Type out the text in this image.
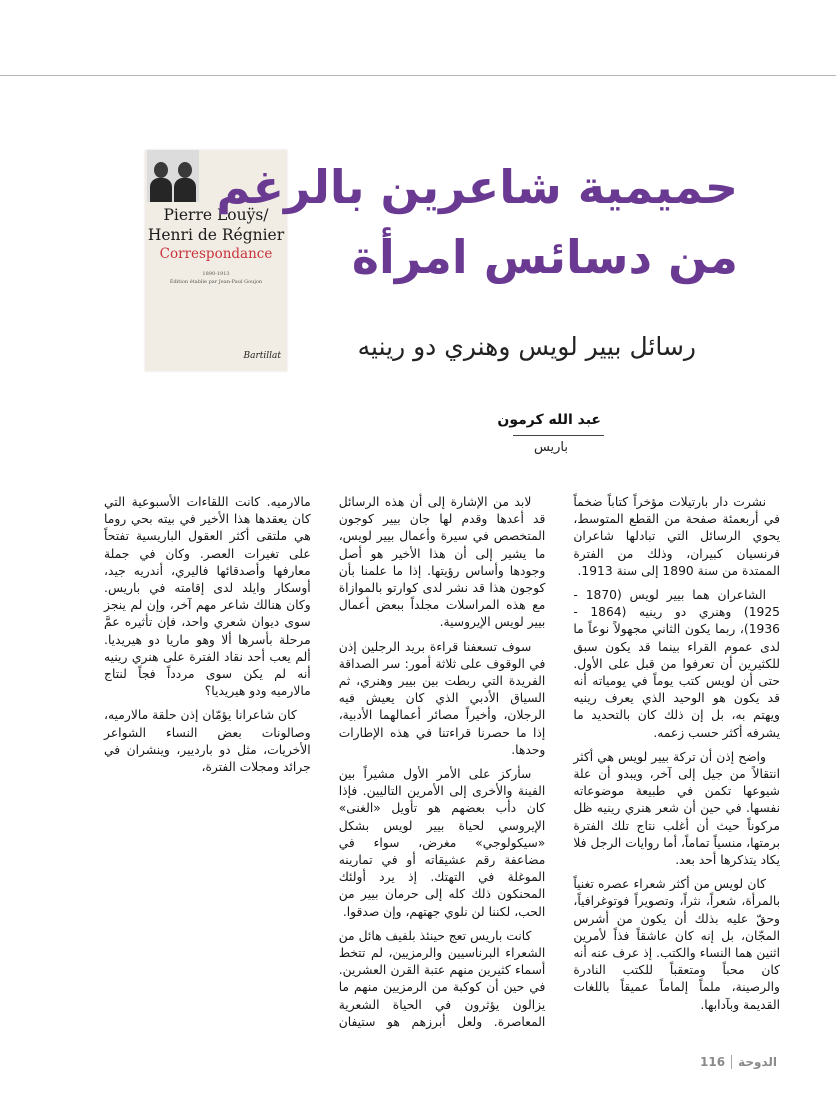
Pierre Louÿs/
Henri de Régnier
Correspondance
1890-1913
Édition établie par Jean-Paul Goujon
Bartillat
حميمية شاعرين بالرغم
من دسائس امرأة
رسائل بيير لويس وهنري دو رينيه
عبد الله كرمون
باريس

نشرت دار بارتيلات مؤخراً كتاباً ضخماً في أربعمئة صفحة من القطع المتوسط، يحوي الرسائل التي تبادلها شاعران فرنسيان كبيران، وذلك من الفترة الممتدة من سنة 1890 إلى سنة 1913.

الشاعران هما بيير لويس (1870 - 1925) وهنري دو رينيه (1864 - 1936)، ربما يكون الثاني مجهولاً نوعاً ما لدى عموم القراء بينما قد يكون سبق للكثيرين أن تعرفوا من قبل على الأول. حتى أن لويس كتب يوماً في يومياته أنه قد يكون هو الوحيد الذي يعرف رينيه ويهتم به، بل إن ذلك كان بالتحديد ما يشرفه أكثر حسب زعمه.

واضح إذن أن تركة بيير لويس هي أكثر انتقالاً من جيل إلى آخر، ويبدو أن علة شيوعها تكمن في طبيعة موضوعاته نفسها. في حين أن شعر هنري رينيه ظل مركوناً حيث أن أغلب نتاج تلك الفترة برمتها، منسياً تماماً، أما روايات الرجل فلا يكاد يتذكرها أحد بعد.

كان لويس من أكثر شعراء عصره تغنياً بالمرأة، شعراً، نثراً، وتصويراً فوتوغرافياً، وحقّ عليه بذلك أن يكون من أشرس المجّان، بل إنه كان عاشقاً فذاً لأمرين اثنين هما النساء والكتب. إذ عرف عنه أنه كان محباً ومتعقباً للكتب النادرة والرصينة، ملماً إلماماً عميقاً باللغات القديمة وبآدابها.

لابد من الإشارة إلى أن هذه الرسائل قد أعدها وقدم لها جان بيير كوجون المتخصص في سيرة وأعمال بيير لويس، ما يشير إلى أن هذا الأخير هو أصل وجودها وأساس رؤيتها. إذا ما علمنا بأن كوجون هذا قد نشر لدى كوارتو بالموازاة مع هذه المراسلات مجلداً ببعض أعمال بيير لويس الإيروسية.

سوف تسعفنا قراءة بريد الرجلين إذن في الوقوف على ثلاثة أمور: سر الصداقة الفريدة التي ربطت بين بيير وهنري، ثم السياق الأدبي الذي كان يعيش فيه الرجلان، وأخيراً مصائر أعمالهما الأدبية، إذا ما حصرنا قراءتنا في هذه الإطارات وحدها.

سأركز على الأمر الأول مشيراً بين الفينة والأخرى إلى الأمرين التاليين. فإذا كان دأب بعضهم هو تأويل «الغنى» الإيروسي لحياة بيير لويس بشكل «سيكولوجي» مغرض، سواء في مضاعفة رقم عشيقاته أو في تمارينه الموغلة في التهتك. إذ يرد أولئك المحنكون ذلك كله إلى حرمان بيير من الحب، لكننا لن نلوي جهتهم، وإن صدقوا.

كانت باريس تعج حينئذ بلفيف هائل من الشعراء البرناسيين والرمزيين، لم تتخط أسماء كثيرين منهم عتبة القرن العشرين. في حين أن كوكبة من الرمزيين منهم ما يزالون يؤثرون في الحياة الشعرية المعاصرة. ولعل أبرزهم هو ستيفان مالارميه. كانت اللقاءات الأسبوعية التي كان يعقدها هذا الأخير في بيته بحي روما هي ملتقى أكثر العقول الباريسية تفتحاً على تغيرات العصر. وكان في جملة معارفها وأصدقائها فاليري، أندريه جيد، أوسكار وايلد لدى إقامته في باريس. وكان هنالك شاعر مهم آخر، وإن لم ينجز سوى ديوان شعري واحد، فإن تأثيره عمَّ مرحلة بأسرها ألا وهو ماريا دو هيريديا. ألم يعب أحد نقاد الفترة على هنري رينيه أنه لم يكن سوى مردداً فجاً لنتاج مالارميه ودو هيريديا؟

كان شاعرانا يؤمّان إذن حلقة مالارميه، وصالونات بعض النساء الشواعر الأخريات، مثل دو بارديير، وينشران في جرائد ومجلات الفترة،

116 الدوحة
